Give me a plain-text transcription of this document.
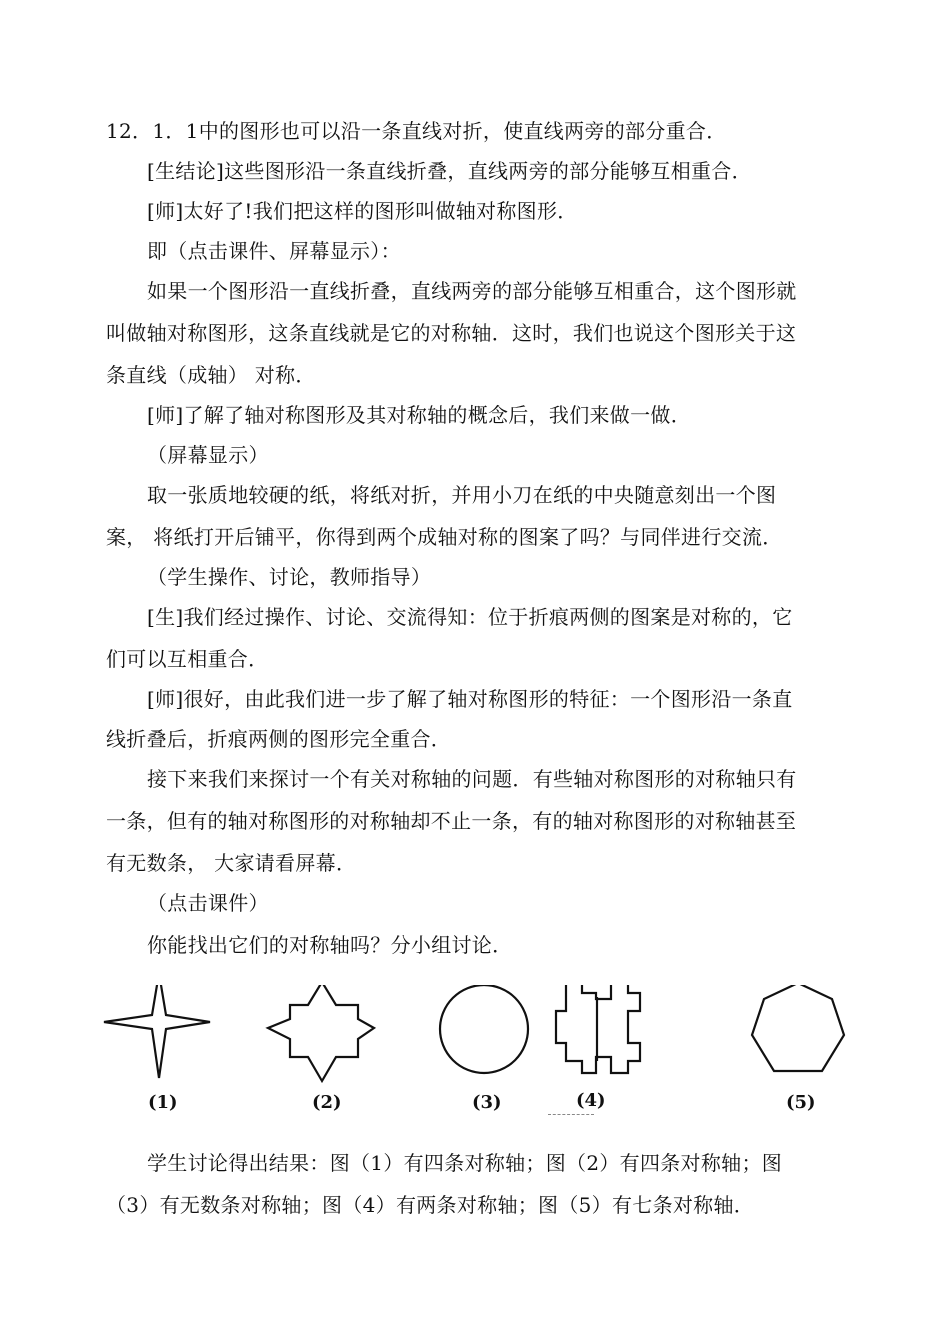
12．1．1中的图形也可以沿一条直线对折，使直线两旁的部分重合．
[生结论]这些图形沿一条直线折叠，直线两旁的部分能够互相重合．
[师]太好了!我们把这样的图形叫做轴对称图形．
即（点击课件、屏幕显示）：
如果一个图形沿一直线折叠，直线两旁的部分能够互相重合，这个图形就
叫做轴对称图形，这条直线就是它的对称轴．这时，我们也说这个图形关于这
条直线（成轴） 对称．
[师]了解了轴对称图形及其对称轴的概念后，我们来做一做．
（屏幕显示）
取一张质地较硬的纸，将纸对折，并用小刀在纸的中央随意刻出一个图
案， 将纸打开后铺平，你得到两个成轴对称的图案了吗？与同伴进行交流．
（学生操作、讨论，教师指导）
[生]我们经过操作、讨论、交流得知：位于折痕两侧的图案是对称的，它
们可以互相重合．
[师]很好，由此我们进一步了解了轴对称图形的特征：一个图形沿一条直
线折叠后，折痕两侧的图形完全重合．
接下来我们来探讨一个有关对称轴的问题．有些轴对称图形的对称轴只有
一条，但有的轴对称图形的对称轴却不止一条，有的轴对称图形的对称轴甚至
有无数条， 大家请看屏幕．
（点击课件）
你能找出它们的对称轴吗？分小组讨论．
(1)	(2)	(3)	(4)	(5)
学生讨论得出结果：图（1）有四条对称轴；图（2）有四条对称轴；图
（3）有无数条对称轴；图（4）有两条对称轴；图（5）有七条对称轴．
